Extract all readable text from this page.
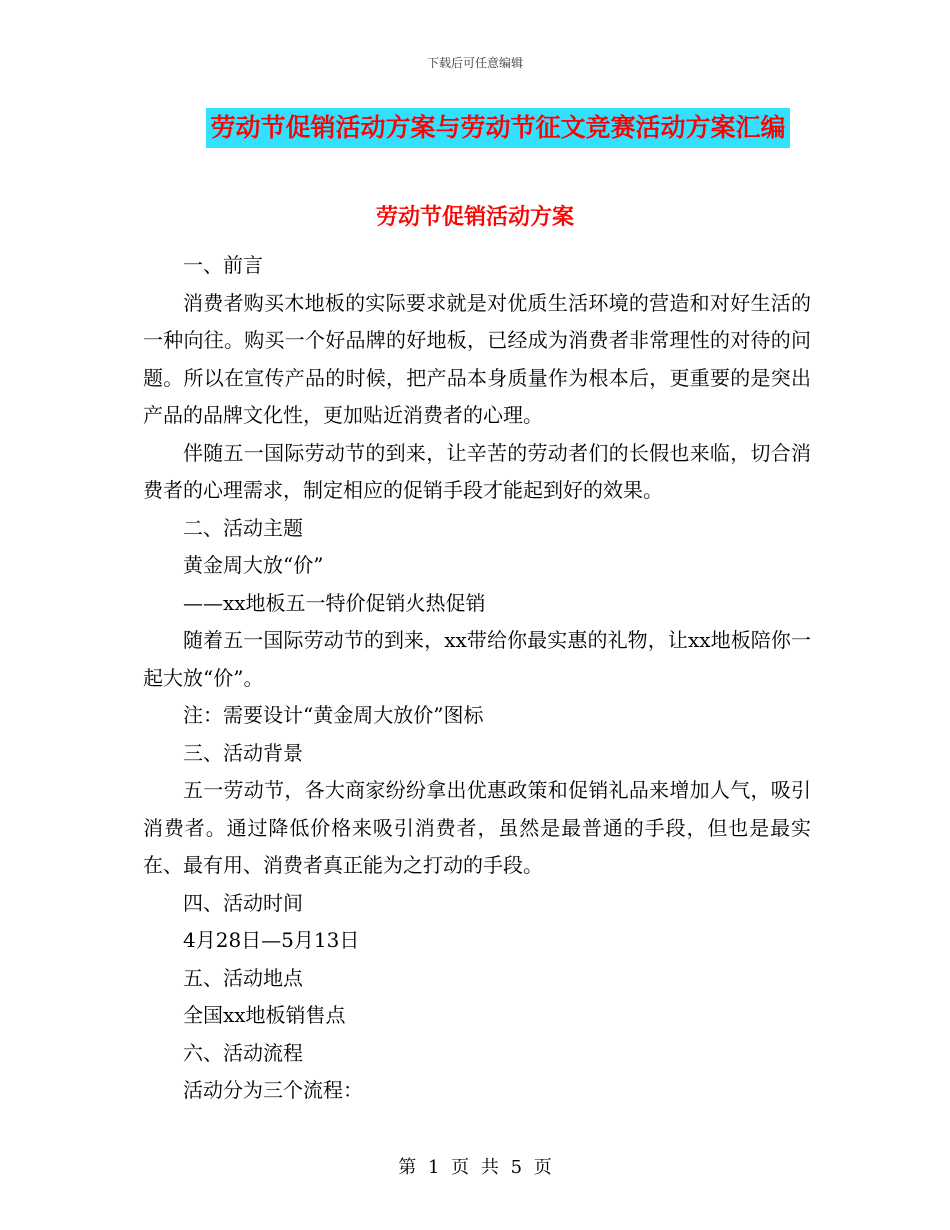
下载后可任意编辑
劳动节促销活动方案与劳动节征文竞赛活动方案汇编
劳动节促销活动方案

一、前言

消费者购买木地板的实际要求就是对优质生活环境的营造和对好生活的一种向往。购买一个好品牌的好地板，已经成为消费者非常理性的对待的问题。所以在宣传产品的时候，把产品本身质量作为根本后，更重要的是突出产品的品牌文化性，更加贴近消费者的心理。

伴随五一国际劳动节的到来，让辛苦的劳动者们的长假也来临，切合消费者的心理需求，制定相应的促销手段才能起到好的效果。

二、活动主题

黄金周大放“价”

——xx地板五一特价促销火热促销

随着五一国际劳动节的到来，xx带给你最实惠的礼物，让xx地板陪你一起大放“价”。

注：需要设计“黄金周大放价”图标

三、活动背景

五一劳动节，各大商家纷纷拿出优惠政策和促销礼品来增加人气，吸引消费者。通过降低价格来吸引消费者，虽然是最普通的手段，但也是最实在、最有用、消费者真正能为之打动的手段。

四、活动时间

4月28日—5月13日

五、活动地点

全国xx地板销售点

六、活动流程

活动分为三个流程：

第 1 页 共 5 页
